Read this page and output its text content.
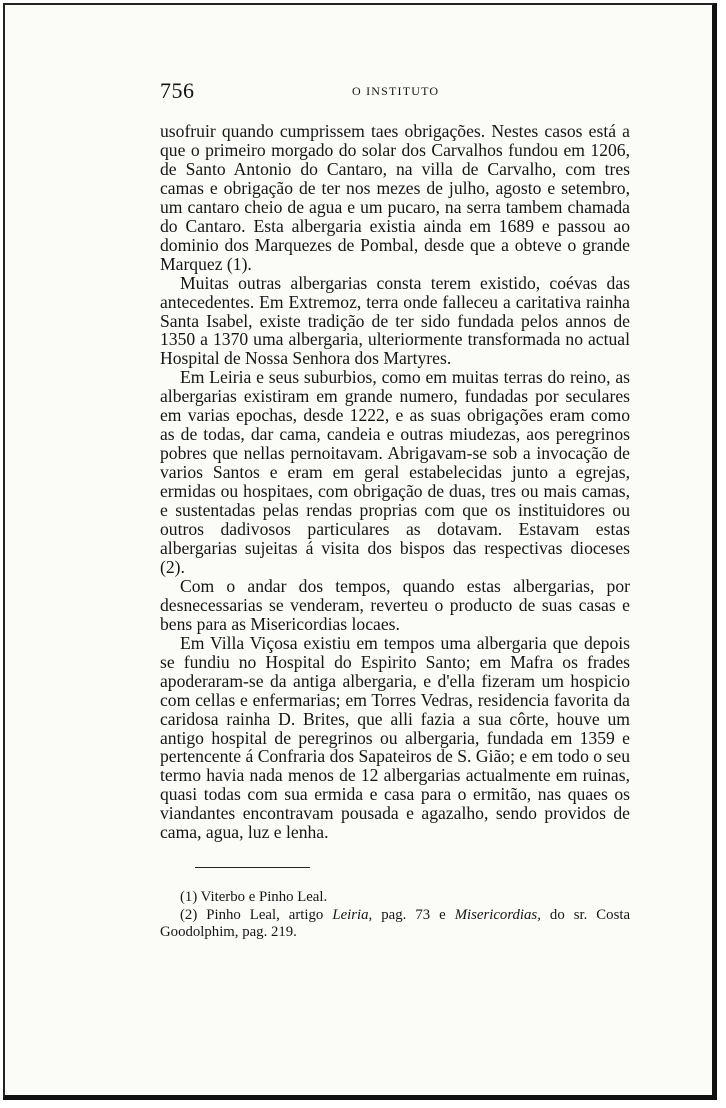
756	O INSTITUTO

usofruir quando cumprissem taes obrigações. Nestes casos está a que o primeiro morgado do solar dos Carvalhos fundou em 1206, de Santo Antonio do Cantaro, na villa de Carvalho, com tres camas e obrigação de ter nos mezes de julho, agosto e setembro, um cantaro cheio de agua e um pucaro, na serra tambem chamada do Cantaro. Esta albergaria existia ainda em 1689 e passou ao dominio dos Marquezes de Pombal, desde que a obteve o grande Marquez (1).

Muitas outras albergarias consta terem existido, coévas das antecedentes. Em Extremoz, terra onde falleceu a caritativa rainha Santa Isabel, existe tradição de ter sido fundada pelos annos de 1350 a 1370 uma albergaria, ulteriormente transformada no actual Hospital de Nossa Senhora dos Martyres.

Em Leiria e seus suburbios, como em muitas terras do reino, as albergarias existiram em grande numero, fundadas por seculares em varias epochas, desde 1222, e as suas obrigações eram como as de todas, dar cama, candeia e outras miudezas, aos peregrinos pobres que nellas pernoitavam. Abrigavam-se sob a invocação de varios Santos e eram em geral estabelecidas junto a egrejas, ermidas ou hospitaes, com obrigação de duas, tres ou mais camas, e sustentadas pelas rendas proprias com que os instituidores ou outros dadivosos particulares as dotavam. Estavam estas albergarias sujeitas á visita dos bispos das respectivas dioceses (2).

Com o andar dos tempos, quando estas albergarias, por desnecessarias se venderam, reverteu o producto de suas casas e bens para as Misericordias locaes.

Em Villa Viçosa existiu em tempos uma albergaria que depois se fundiu no Hospital do Espirito Santo; em Mafra os frades apoderaram-se da antiga albergaria, e d'ella fizeram um hospicio com cellas e enfermarias; em Torres Vedras, residencia favorita da caridosa rainha D. Brites, que alli fazia a sua côrte, houve um antigo hospital de peregrinos ou albergaria, fundada em 1359 e pertencente á Confraria dos Sapateiros de S. Gião; e em todo o seu termo havia nada menos de 12 albergarias actualmente em ruinas, quasi todas com sua ermida e casa para o ermitão, nas quaes os viandantes encontravam pousada e agazalho, sendo providos de cama, agua, luz e lenha.

(1) Viterbo e Pinho Leal.

(2) Pinho Leal, artigo Leiria, pag. 73 e Misericordias, do sr. Costa Goodolphim, pag. 219.
